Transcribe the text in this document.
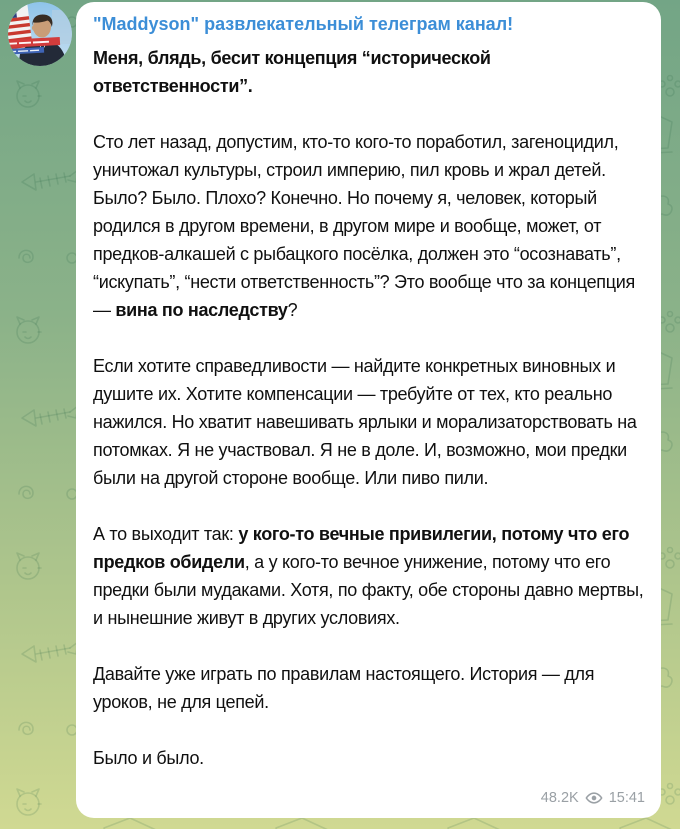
"Maddyson" развлекательный телеграм канал!

Меня, блядь, бесит концепция “исторической ответственности”.

Сто лет назад, допустим, кто-то кого-то поработил, загеноцидил, уничтожал культуры, строил империю, пил кровь и жрал детей. Было? Было. Плохо? Конечно. Но почему я, человек, который родился в другом времени, в другом мире и вообще, может, от предков-алкашей с рыбацкого посёлка, должен это “осознавать”, “искупать”, “нести ответственность”? Это вообще что за концепция — вина по наследству?

Если хотите справедливости — найдите конкретных виновных и душите их. Хотите компенсации — требуйте от тех, кто реально нажился. Но хватит навешивать ярлыки и морализаторствовать на потомках. Я не участвовал. Я не в доле. И, возможно, мои предки были на другой стороне вообще. Или пиво пили.

А то выходит так: у кого-то вечные привилегии, потому что его предков обидели, а у кого-то вечное унижение, потому что его предки были мудаками. Хотя, по факту, обе стороны давно мертвы, и нынешние живут в других условиях.

Давайте уже играть по правилам настоящего. История — для уроков, не для цепей.

Было и было.

48.2K 15:41
